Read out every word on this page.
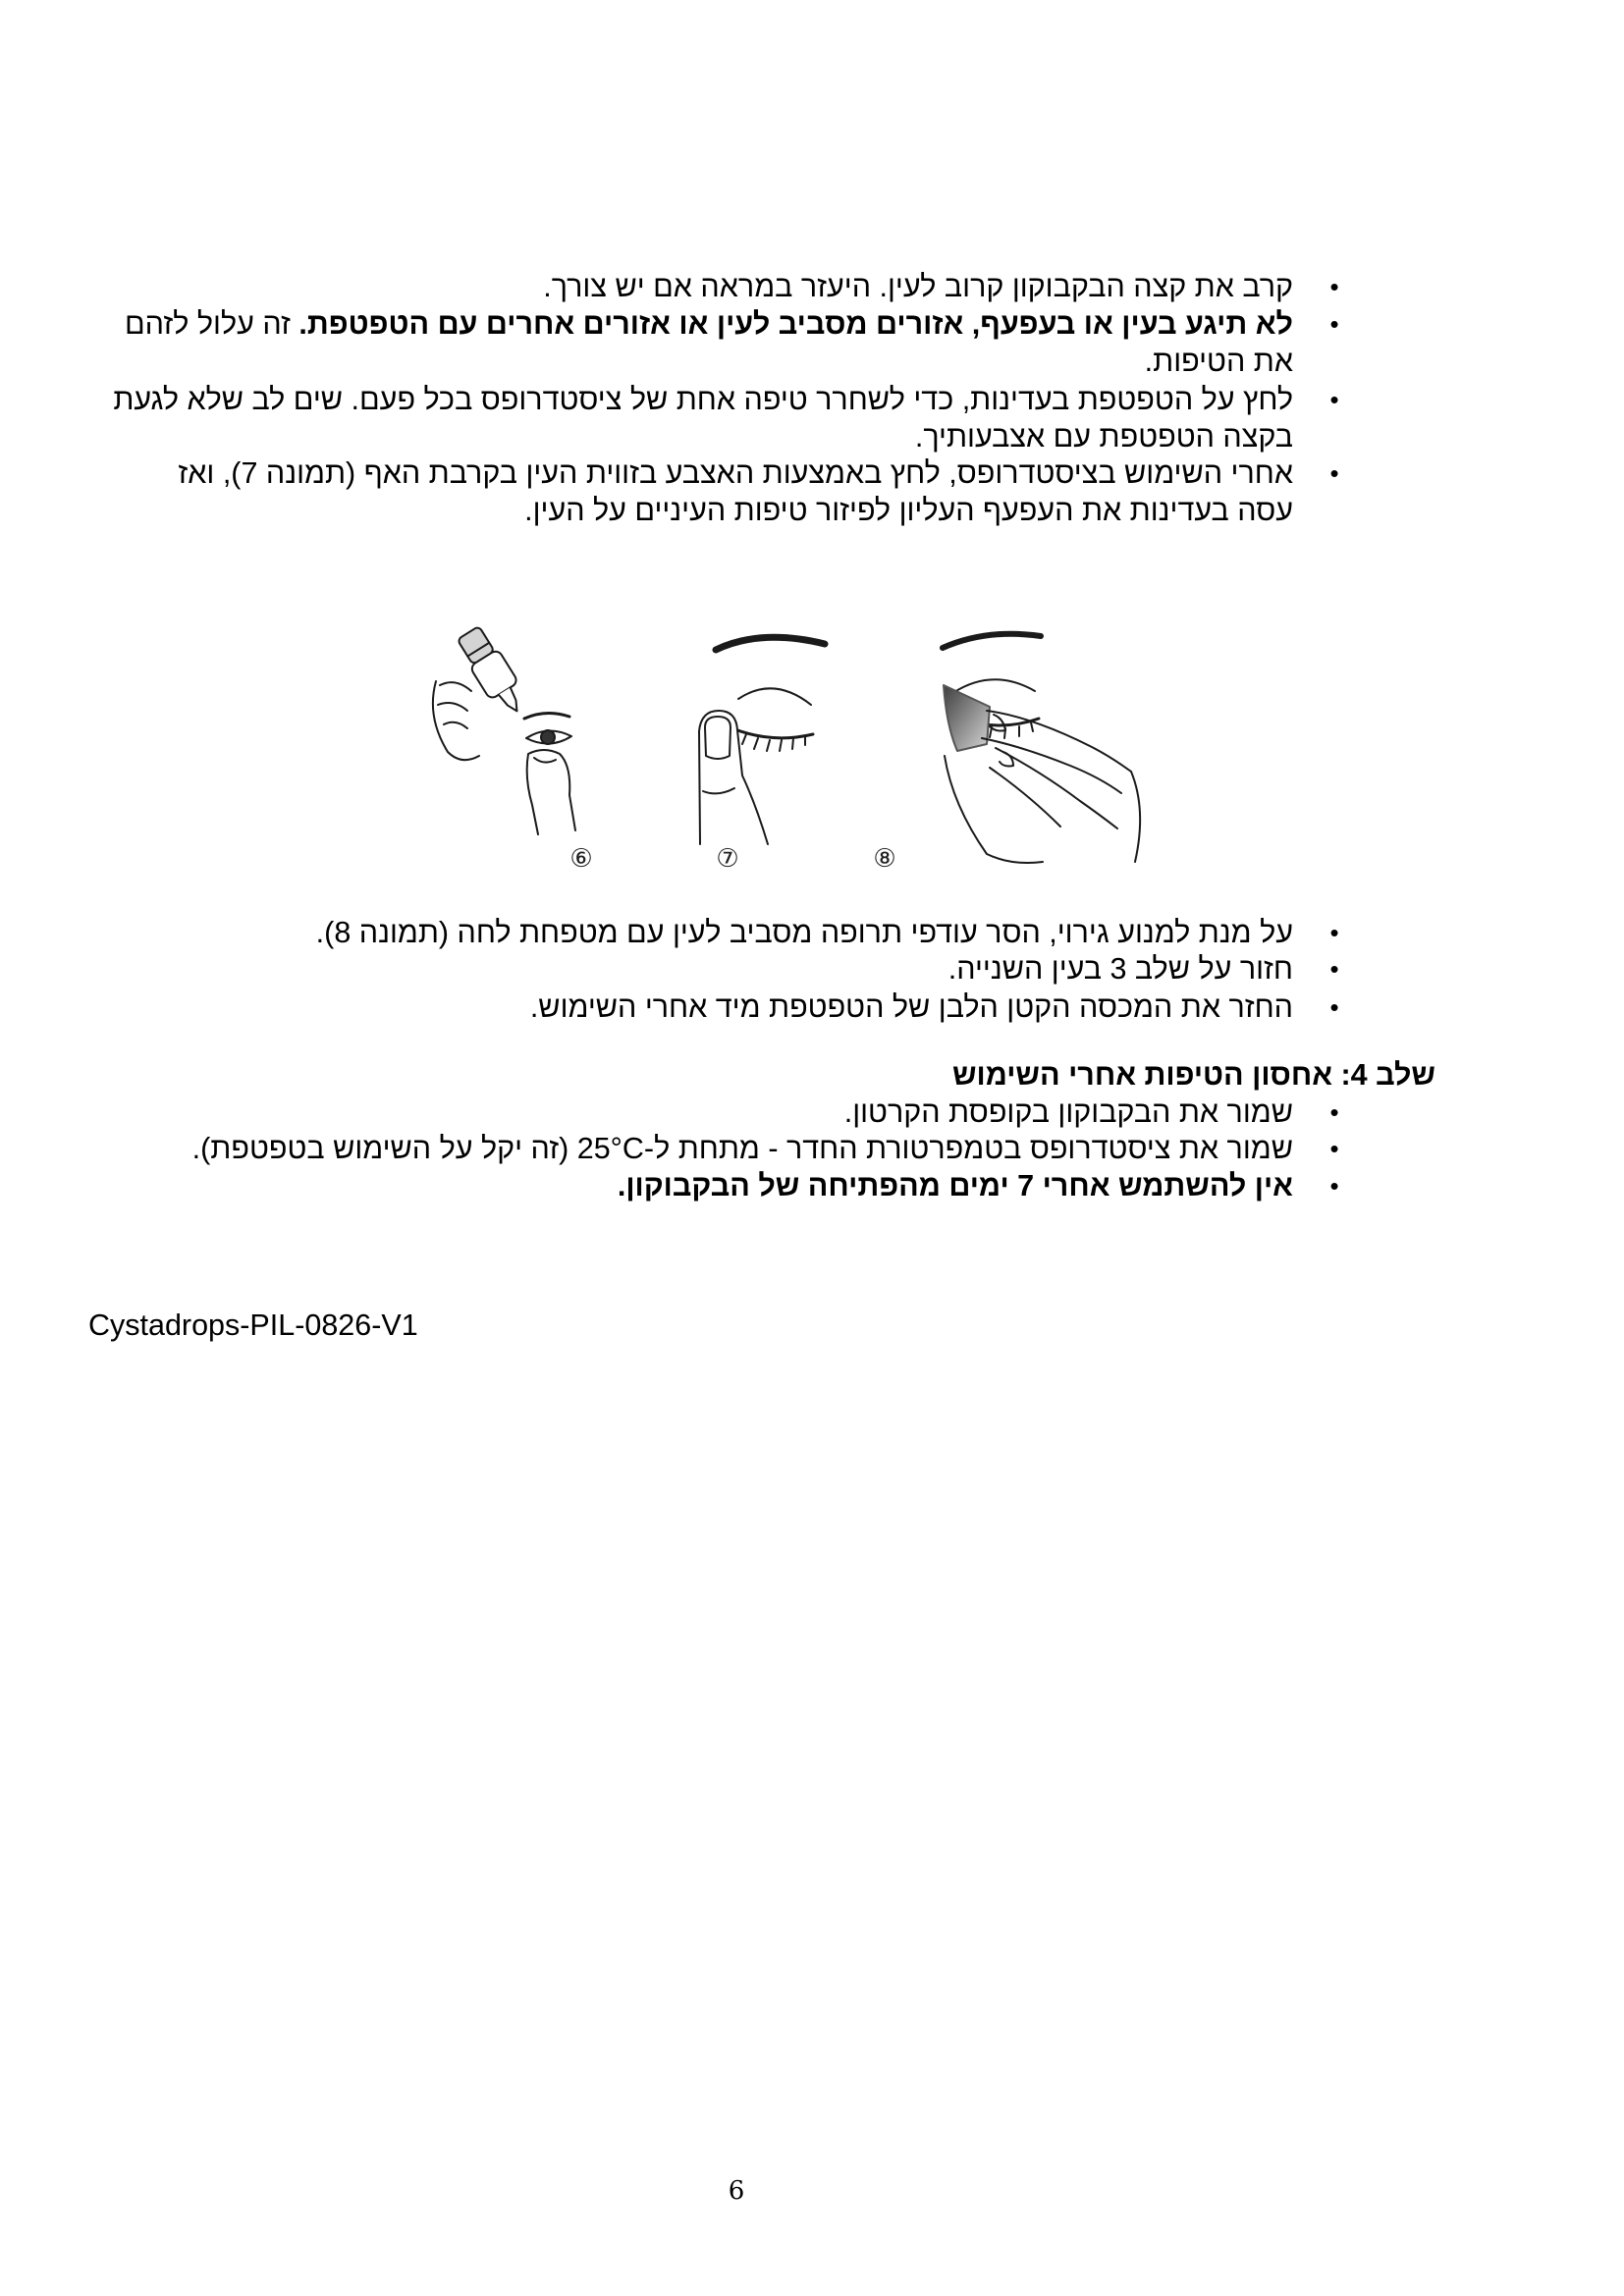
•
קרב את קצה הבקבוקון קרוב לעין. היעזר במראה אם יש צורך.
•
לא תיגע בעין או בעפעף, אזורים מסביב לעין או אזורים אחרים עם הטפטפת. זה עלול לזהם
את הטיפות.
•
לחץ על הטפטפת בעדינות, כדי לשחרר טיפה אחת של ציסטדרופס בכל פעם. שים לב שלא לגעת
בקצה הטפטפת עם אצבעותיך.
•
אחרי השימוש בציסטדרופס, לחץ באמצעות האצבע בזווית העין בקרבת האף (תמונה 7), ואז
עסה בעדינות את העפעף העליון לפיזור טיפות העיניים על העין.
⑥	⑦	⑧
•
על מנת למנוע גירוי, הסר עודפי תרופה מסביב לעין עם מטפחת לחה (תמונה 8).
•
חזור על שלב 3 בעין השנייה.
•
החזר את המכסה הקטן הלבן של הטפטפת מיד אחרי השימוש.
שלב 4: אחסון הטיפות אחרי השימוש
•
שמור את הבקבוקון בקופסת הקרטון.
•
שמור את ציסטדרופס בטמפרטורת החדר - מתחת ל-25°C (זה יקל על השימוש בטפטפת).
•
אין להשתמש אחרי 7 ימים מהפתיחה של הבקבוקון.
Cystadrops-PIL-0826-V1
6
